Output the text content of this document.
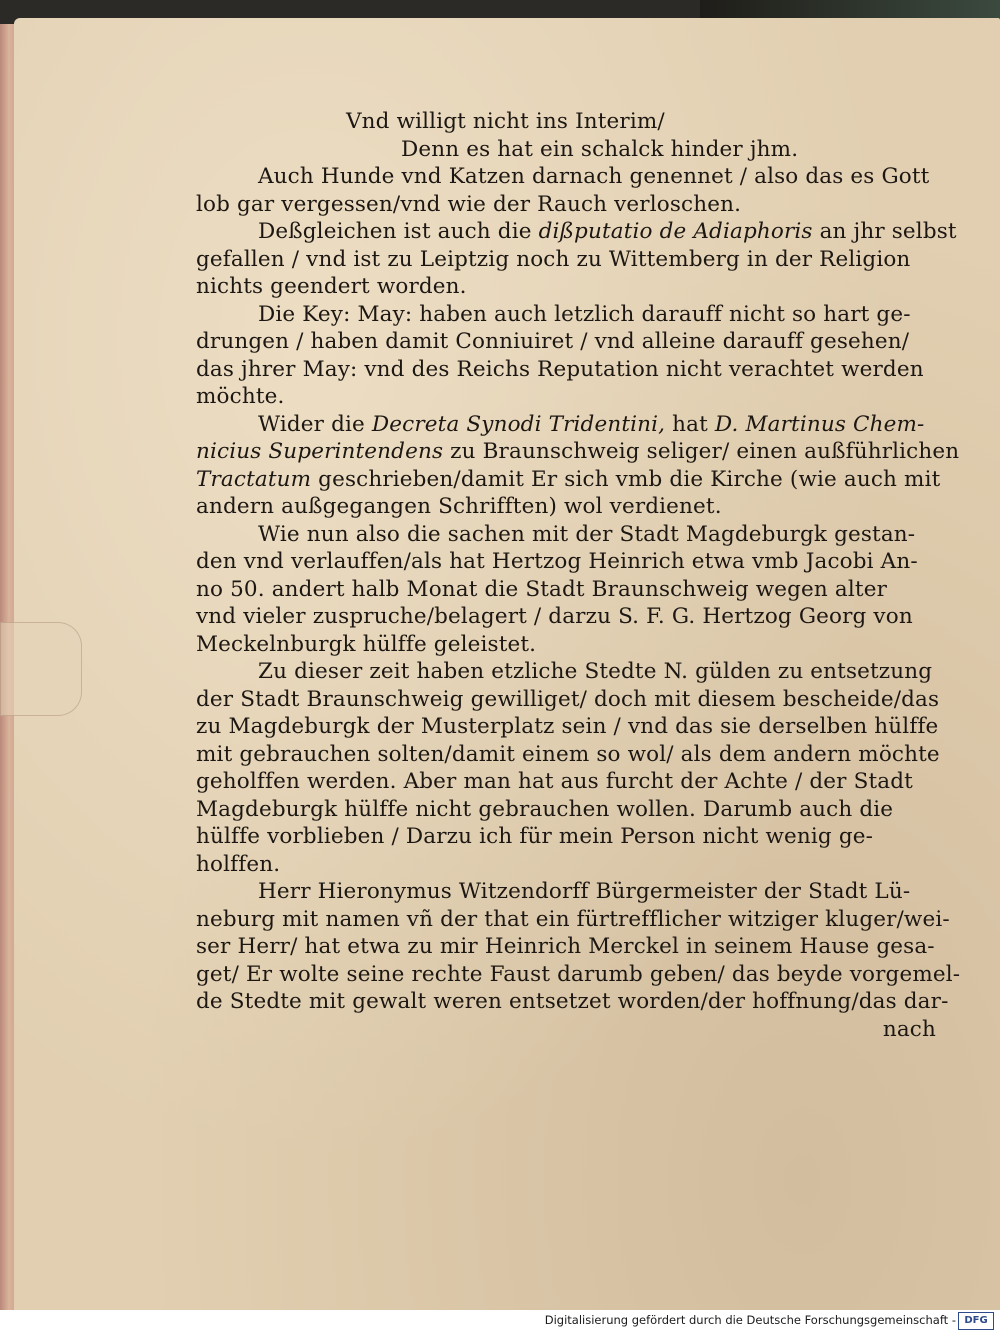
Vnd willigt nicht ins Interim/
Denn es hat ein schalck hinder jhm.
Auch Hunde vnd Katzen darnach genennet / also das es Gott
lob gar vergessen/vnd wie der Rauch verloschen.
Deßgleichen ist auch die dißputatio de Adiaphoris an jhr selbst
gefallen / vnd ist zu Leiptzig noch zu Wittemberg in der Religion
nichts geendert worden.
Die Key: May: haben auch letzlich darauff nicht so hart ge-
drungen / haben damit Conniuiret / vnd alleine darauff gesehen/
das jhrer May: vnd des Reichs Reputation nicht verachtet werden
möchte.
Wider die Decreta Synodi Tridentini, hat D. Martinus Chem-
nicius Superintendens zu Braunschweig seliger/ einen außführlichen
Tractatum geschrieben/damit Er sich vmb die Kirche (wie auch mit
andern außgegangen Schrifften) wol verdienet.
Wie nun also die sachen mit der Stadt Magdeburgk gestan-
den vnd verlauffen/als hat Hertzog Heinrich etwa vmb Jacobi An-
no 50. andert halb Monat die Stadt Braunschweig wegen alter
vnd vieler zuspruche/belagert / darzu S. F. G. Hertzog Georg von
Meckelnburgk hülffe geleistet.
Zu dieser zeit haben etzliche Stedte N. gülden zu entsetzung
der Stadt Braunschweig gewilliget/ doch mit diesem bescheide/das
zu Magdeburgk der Musterplatz sein / vnd das sie derselben hülffe
mit gebrauchen solten/damit einem so wol/ als dem andern möchte
geholffen werden. Aber man hat aus furcht der Achte / der Stadt
Magdeburgk hülffe nicht gebrauchen wollen. Darumb auch die
hülffe vorblieben / Darzu ich für mein Person nicht wenig ge-
holffen.
Herr Hieronymus Witzendorff Bürgermeister der Stadt Lü-
neburg mit namen vñ der that ein fürtrefflicher witziger kluger/wei-
ser Herr/ hat etwa zu mir Heinrich Merckel in seinem Hause gesa-
get/ Er wolte seine rechte Faust darumb geben/ das beyde vorgemel-
de Stedte mit gewalt weren entsetzet worden/der hoffnung/das dar-
nach
Digitalisierung gefördert durch die Deutsche Forschungsgemeinschaft - DFG
